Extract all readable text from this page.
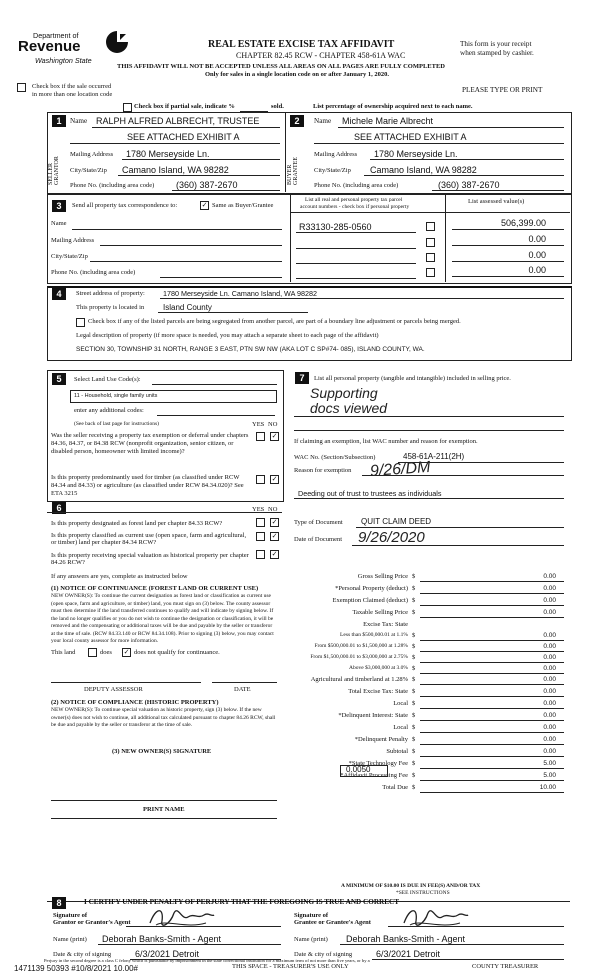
Department of
Revenue
Washington State
REAL ESTATE EXCISE TAX AFFIDAVIT
CHAPTER 82.45 RCW - CHAPTER 458-61A WAC
THIS AFFIDAVIT WILL NOT BE ACCEPTED UNLESS ALL AREAS ON ALL PAGES ARE FULLY COMPLETED
Only for sales in a single location code on or after January 1, 2020.
This form is your receipt
when stamped by cashier.
PLEASE TYPE OR PRINT
Check box if the sale occurred
in more than one location code
Check box if partial sale, indicate %	sold.	List percentage of ownership acquired next to each name.
1	2
SELLER GRANTOR	BUYER GRANTEE
Name RALPH ALFRED ALBRECHT, TRUSTEE
SEE ATTACHED EXHIBIT A
Mailing Address 1780 Merseyside Ln.
City/State/Zip Camano Island, WA 98282
Phone No. (including area code) (360) 387-2670
Name Michele Marie Albrecht
SEE ATTACHED EXHIBIT A
Mailing Address 1780 Merseyside Ln.
City/State/Zip Camano Island, WA 98282
Phone No. (including area code)	(360) 387-2670
3	Send all property tax correspondence to:	✓ Same as Buyer/Grantee
List all real and personal property tax parcel
account numbers - check box if personal property
List assessed value(s)
Name
Mailing Address
City/State/Zip
Phone No. (including area code)
R33130-285-0560	506,399.00
0.00
0.00
0.00
4	Street address of property:	1780 Merseyside Ln. Camano Island, WA 98282
This property is located in Island County
Check box if any of the listed parcels are being segregated from another parcel, are part of a boundary line adjustment or parcels being merged.
Legal description of property (if more space is needed, you may attach a separate sheet to each page of the affidavit)
SECTION 30, TOWNSHIP 31 NORTH, RANGE 3 EAST, PTN SW NW (AKA LOT C SP#74- 085), ISLAND COUNTY, WA.
5	Select Land Use Code(s):
11 - Household, single family units
enter any additional codes:
(See back of last page for instructions)	YES NO
Was the seller receiving a property tax exemption or deferral under chapters 84.36, 84.37, or 84.38 RCW (nonprofit organization, senior citizen, or disabled person, homeowner with limited income)?
✓
Is this property predominantly used for timber (as classified under RCW 84.34 and 84.33) or agriculture (as classified under RCW 84.34.020)? See ETA 3215
✓
6	YES NO
Is this property designated as forest land per chapter 84.33 RCW?	✓
Is this property classified as current use (open space, farm and agricultural, or timber) land per chapter 84.34 RCW?
✓
Is this property receiving special valuation as historical property per chapter 84.26 RCW?
✓
If any answers are yes, complete as instructed below
(1) NOTICE OF CONTINUANCE (FOREST LAND OR CURRENT USE)
NEW OWNER(S): To continue the current designation as forest land or classification as current use (open space, farm and agriculture, or timber) land, you must sign on (3) below. The county assessor must then determine if the land transferred continues to qualify and will indicate by signing below. If the land no longer qualifies or you do not wish to continue the designation or classification, it will be removed and the compensating or additional taxes will be due and payable by the seller or transferor at the time of sale. (RCW 84.33.140 or RCW 84.34.108). Prior to signing (3) below, you may contact your local county assessor for more information.
This land	does ✓ does not qualify for continuance.
DEPUTY ASSESSOR	DATE
(2) NOTICE OF COMPLIANCE (HISTORIC PROPERTY)
NEW OWNER(S): To continue special valuation as historic property, sign (3) below. If the new owner(s) does not wish to continue, all additional tax calculated pursuant to chapter 84.26 RCW, shall be due and payable by the seller or transferor at the time of sale.
(3) NEW OWNER(S) SIGNATURE
PRINT NAME
7	List all personal property (tangible and intangible) included in selling price.
Supporting
docs viewed
If claiming an exemption, list WAC number and reason for exemption.
WAC No. (Section/Subsection)	458-61A-211(2H)
Reason for exemption 9/26/DM
Deeding out of trust to trustees as individuals
Type of Document QUIT CLAIM DEED
Date of Document 9/26/2020
Gross Selling Price $	0.00
*Personal Property (deduct) $	0.00
Exemption Claimed (deduct) $	0.00
Taxable Selling Price $	0.00
Excise Tax: State
Less than $500,000.01 at 1.1% $	0.00
From $500,000.01 to $1,500,000 at 1.28% $	0.00
From $1,500,000.01 to $3,000,000 at 2.75% $	0.00
Above $3,000,000 at 3.0% $	0.00
Agricultural and timberland at 1.28% $	0.00
Total Excise Tax: State $	0.00
Local $	0.00
*Delinquent Interest: State $	0.00
Local $	0.00
*Delinquent Penalty $	0.00
Subtotal $	0.00
*State Technology Fee $	5.00
*Affidavit Processing Fee $	5.00
Total Due $	10.00
0.0050
A MINIMUM OF $10.00 IS DUE IN FEE(S) AND/OR TAX
*SEE INSTRUCTIONS
8	I CERTIFY UNDER PENALTY OF PERJURY THAT THE FOREGOING IS TRUE AND CORRECT
Signature of
Grantor or Grantor's Agent
Name (print) Deborah Banks-Smith - Agent
Date & city of signing	6/3/2021 Detroit
Signature of
Grantee or Grantee's Agent
Name (print) Deborah Banks-Smith - Agent
Date & city of signing	6/3/2021 Detroit
Perjury in the second degree is a class C felony which is punishable by imprisonment in the state correctional institution for a maximum term of not more than five years, or by a
1471139 50393 #10/8/2021 10.00#	THIS SPACE - TREASURER'S USE ONLY	COUNTY TREASURER
